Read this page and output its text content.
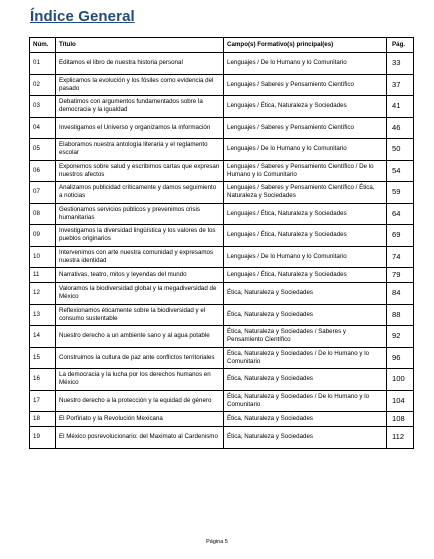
Índice General
Núm.	Título	Campo(s) Formativo(s) principal(es)	Pág.
01	Editamos el libro de nuestra historia personal	Lenguajes / De lo Humano y lo Comunitario	33
02	Explicamos la evolución y los fósiles como evidencia del pasado	Lenguajes / Saberes y Pensamiento Científico	37
03	Debatimos con argumentos fundamentados sobre la democracia y la igualdad	Lenguajes / Ética, Naturaleza y Sociedades	41
04	Investigamos el Universo y organizamos la información	Lenguajes / Saberes y Pensamiento Científico	46
05	Elaboramos nuestra antología literaria y el reglamento escolar	Lenguajes / De lo Humano y lo Comunitario	50
06	Exponemos sobre salud y escribimos cartas que expresan nuestros afectos	Lenguajes / Saberes y Pensamiento Científico / De lo Humano y lo Comunitario	54
07	Analizamos publicidad críticamente y damos seguimiento a noticias	Lenguajes / Saberes y Pensamiento Científico / Ética, Naturaleza y Sociedades	59
08	Gestionamos servicios públicos y prevenimos crisis humanitarias	Lenguajes / Ética, Naturaleza y Sociedades	64
09	Investigamos la diversidad lingüística y los valores de los pueblos originarios	Lenguajes / Ética, Naturaleza y Sociedades	69
10	Intervenimos con arte nuestra comunidad y expresamos nuestra identidad	Lenguajes / De lo Humano y lo Comunitario	74
11	Narrativas, teatro, mitos y leyendas del mundo	Lenguajes / Ética, Naturaleza y Sociedades	79
12	Valoramos la biodiversidad global y la megadiversidad de México	Ética, Naturaleza y Sociedades	84
13	Reflexionamos éticamente sobre la biodiversidad y el consumo sustentable	Ética, Naturaleza y Sociedades	88
14	Nuestro derecho a un ambiente sano y al agua potable	Ética, Naturaleza y Sociedades / Saberes y Pensamiento Científico	92
15	Construimos la cultura de paz ante conflictos territoriales	Ética, Naturaleza y Sociedades / De lo Humano y lo Comunitario	96
16	La democracia y la lucha por los derechos humanos en México	Ética, Naturaleza y Sociedades	100
17	Nuestro derecho a la protección y la equidad de género	Ética, Naturaleza y Sociedades / De lo Humano y lo Comunitario	104
18	El Porfiriato y la Revolución Mexicana	Ética, Naturaleza y Sociedades	108
19	El México posrevolucionario: del Maximato al Cardenismo	Ética, Naturaleza y Sociedades	112
Página 5
